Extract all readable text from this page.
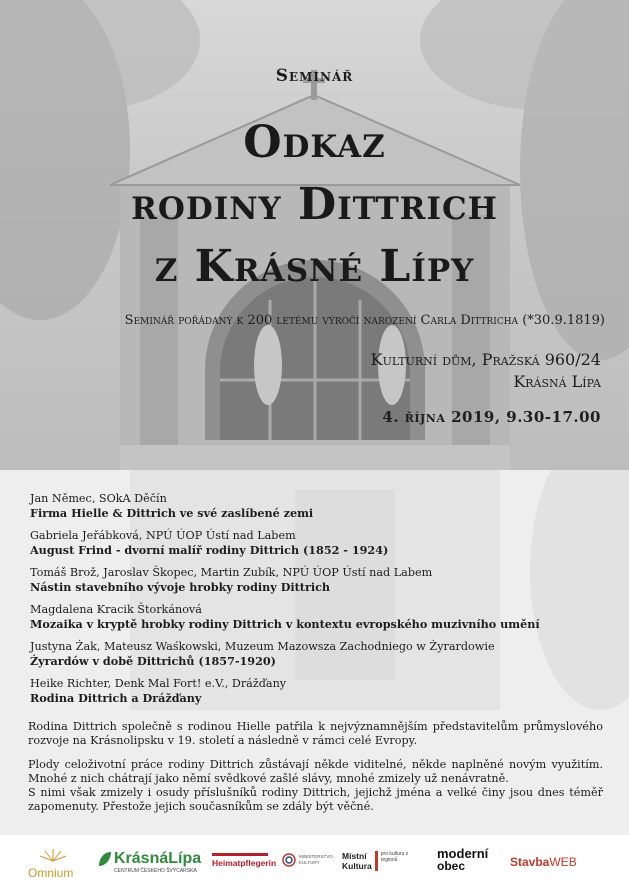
Seminář
Odkaz
rodiny Dittrich
z Krásné Lípy
Seminář pořádaný k 200 letému výročí narození Carla Dittricha (*30.9.1819)
Kulturní dům, Pražská 960/24
Krásná Lípa
4. října 2019, 9.30-17.00
Jan Němec, SOkA Děčín
Firma Hielle & Dittrich ve své zaslíbené zemi
Gabriela Jeřábková, NPÚ ÚOP Ústí nad Labem
August Frind - dvorní malíř rodiny Dittrich (1852 - 1924)
Tomáš Brož, Jaroslav Škopec, Martin Zubík, NPÚ ÚOP Ústí nad Labem
Nástin stavebního vývoje hrobky rodiny Dittrich
Magdalena Kracik Štorkánová
Mozaika v kryptě hrobky rodiny Dittrich v kontextu evropského muzivního umění
Justyna Żak, Mateusz Waśkowski, Muzeum Mazowsza Zachodniego w Żyrardowie
Żyrardów v době Dittrichů (1857-1920)
Heike Richter, Denk Mal Fort! e.V., Drážďany
Rodina Dittrich a Drážďany

Rodina Dittrich společně s rodinou Hielle patřila k nejvýznamnějším představitelům průmyslového rozvoje na Krásnolipsku v 19. století a následně v rámci celé Evropy.

Plody celoživotní práce rodiny Dittrich zůstávají někde viditelné, někde naplněné novým využitím. Mnohé z nich chátrají jako němí svědkové zašlé slávy, mnohé zmizely už nenávratně.

S nimi však zmizely i osudy příslušníků rodiny Dittrich, jejichž jména a velké činy jsou dnes téměř zapomenuty. Přestože jejich současníkům se zdály být věčné.

Omnium
KrásnáLípa
CENTRUM ČESKÉHO ŠVÝCARSKA
Heimatpflegerin
MINISTERSTVO KULTURY
Místní
Kultura
pro kulturu z regionů	moderní
obec	StavbaWEB
